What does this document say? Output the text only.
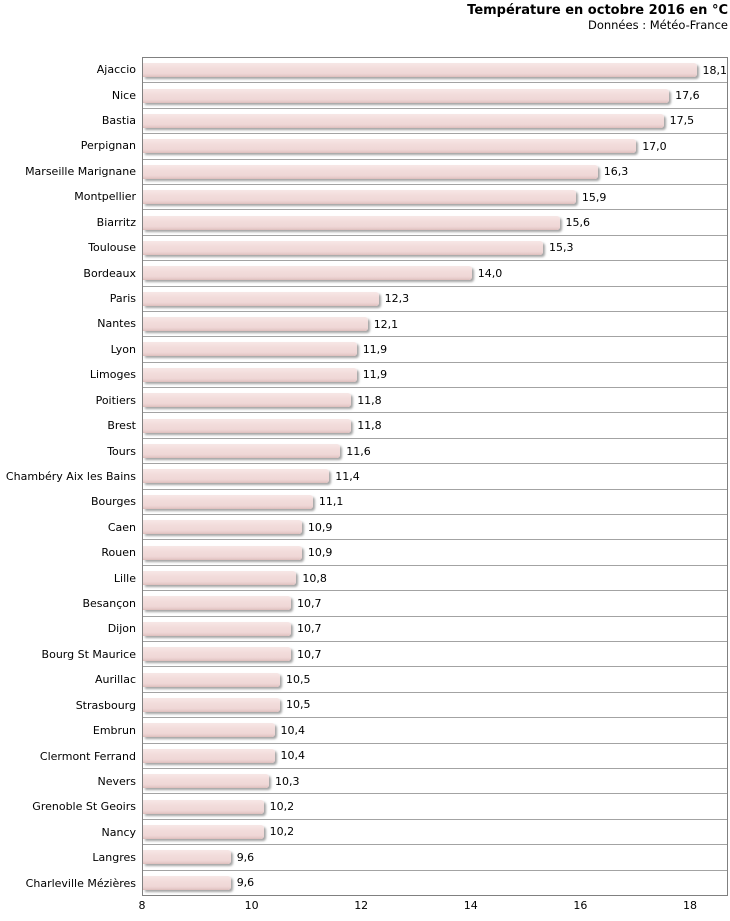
Température en octobre 2016 en °C
Données : Météo-France
Ajaccio
Nice
Bastia
Perpignan
Marseille Marignane
Montpellier
Biarritz
Toulouse
Bordeaux
Paris
Nantes
Lyon
Limoges
Poitiers
Brest
Tours
Chambéry Aix les Bains
Bourges
Caen
Rouen
Lille
Besançon
Dijon
Bourg St Maurice
Aurillac
Strasbourg
Embrun
Clermont Ferrand
Nevers
Grenoble St Geoirs
Nancy
Langres
Charleville Mézières
18,1
17,6
17,5
17,0
16,3
15,9
15,6
15,3
14,0
12,3
12,1
11,9
11,9
11,8
11,8
11,6
11,4
11,1
10,9
10,9
10,8
10,7
10,7
10,7
10,5
10,5
10,4
10,4
10,3
10,2
10,2
9,6
9,6
8	10	12	14	16	18
